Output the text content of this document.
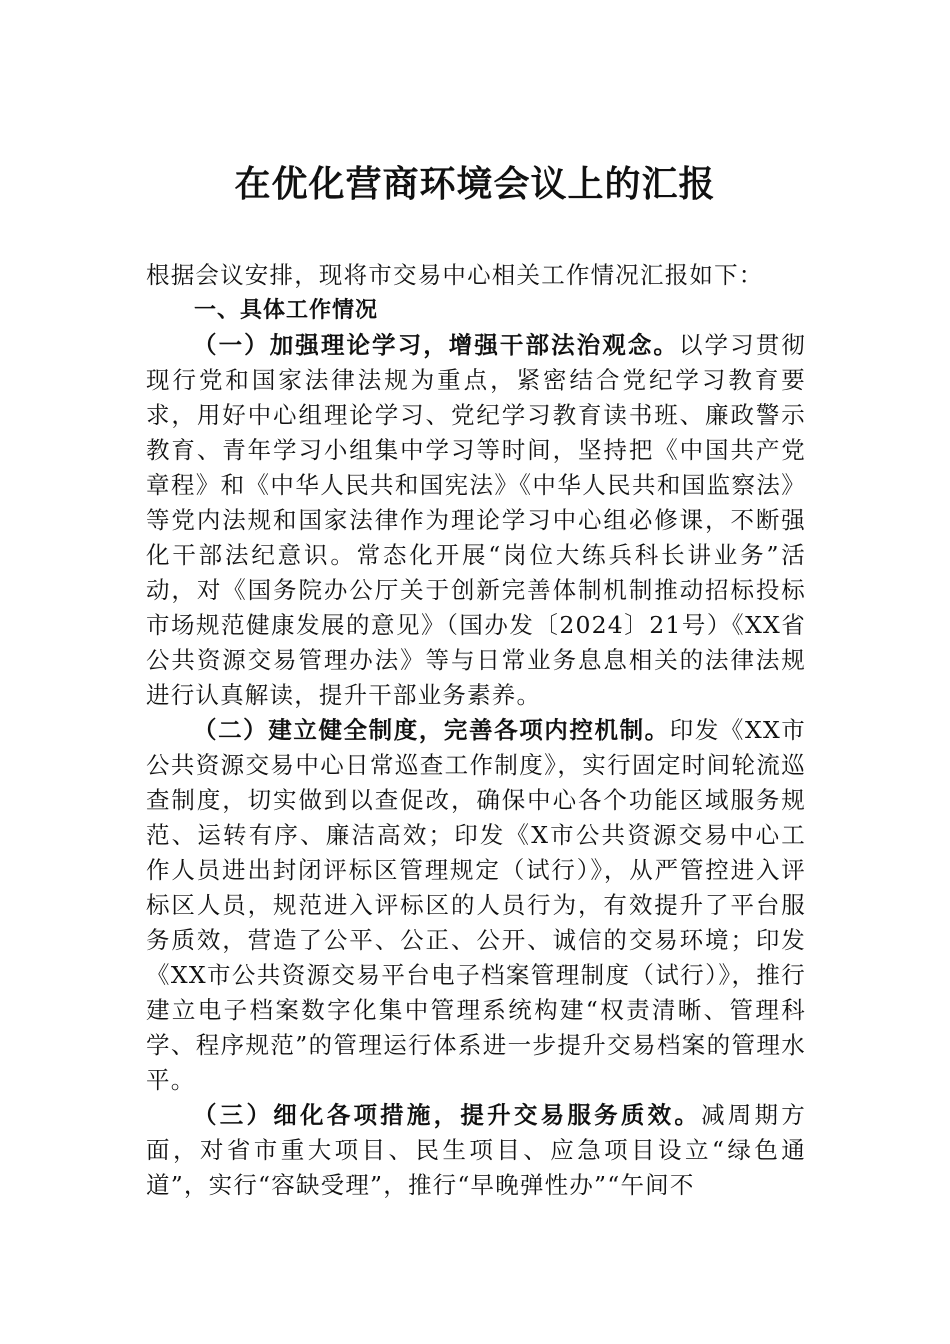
在优化营商环境会议上的汇报

根据会议安排，现将市交易中心相关工作情况汇报如下：

一、具体工作情况

（一）加强理论学习，增强干部法治观念。以学习贯彻现行党和国家法律法规为重点，紧密结合党纪学习教育要求，用好中心组理论学习、党纪学习教育读书班、廉政警示教育、青年学习小组集中学习等时间，坚持把《中国共产党章程》和《中华人民共和国宪法》《中华人民共和国监察法》等党内法规和国家法律作为理论学习中心组必修课，不断强化干部法纪意识。常态化开展“岗位大练兵科长讲业务”活动，对《国务院办公厅关于创新完善体制机制推动招标投标市场规范健康发展的意见》（国办发〔2024〕21号）《XX省公共资源交易管理办法》等与日常业务息息相关的法律法规进行认真解读，提升干部业务素养。

（二）建立健全制度，完善各项内控机制。印发《XX市公共资源交易中心日常巡查工作制度》，实行固定时间轮流巡查制度，切实做到以查促改，确保中心各个功能区域服务规范、运转有序、廉洁高效；印发《X市公共资源交易中心工作人员进出封闭评标区管理规定（试行）》，从严管控进入评标区人员，规范进入评标区的人员行为，有效提升了平台服务质效，营造了公平、公正、公开、诚信的交易环境；印发《XX市公共资源交易平台电子档案管理制度（试行）》，推行建立电子档案数字化集中管理系统构建“权责清晰、管理科学、程序规范”的管理运行体系进一步提升交易档案的管理水平。

（三）细化各项措施，提升交易服务质效。减周期方面，对省市重大项目、民生项目、应急项目设立“绿色通道”，实行“容缺受理”，推行“早晚弹性办”“午间不
